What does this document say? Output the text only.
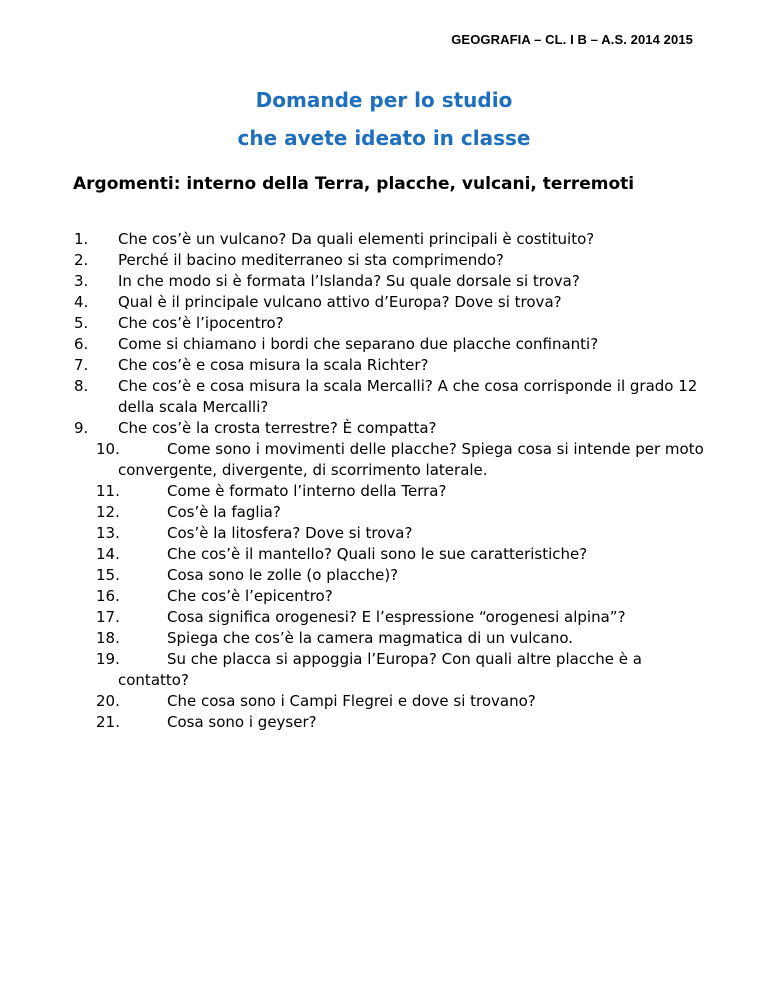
GEOGRAFIA – CL. I B – A.S. 2014 2015
Domande per lo studio
che avete ideato in classe
Argomenti: interno della Terra, placche, vulcani, terremoti
1. Che cos’è un vulcano? Da quali elementi principali è costituito?
2. Perché il bacino mediterraneo si sta comprimendo?
3. In che modo si è formata l’Islanda? Su quale dorsale si trova?
4. Qual è il principale vulcano attivo d’Europa? Dove si trova?
5. Che cos’è l’ipocentro?
6. Come si chiamano i bordi che separano due placche confinanti?
7. Che cos’è e cosa misura la scala Richter?
8. Che cos’è e cosa misura la scala Mercalli? A che cosa corrisponde il grado 12 della scala Mercalli?
9. Che cos’è la crosta terrestre? È compatta?
10.	Come sono i movimenti delle placche? Spiega cosa si intende per moto convergente, divergente, di scorrimento laterale.
11.	Come è formato l’interno della Terra?
12.	Cos’è la faglia?
13.	Cos’è la litosfera? Dove si trova?
14.	Che cos’è il mantello? Quali sono le sue caratteristiche?
15.	Cosa sono le zolle (o placche)?
16.	Che cos’è l’epicentro?
17.	Cosa significa orogenesi? E l’espressione “orogenesi alpina”?
18.	Spiega che cos’è la camera magmatica di un vulcano.
19.	Su che placca si appoggia l’Europa? Con quali altre placche è a contatto?
20.	Che cosa sono i Campi Flegrei e dove si trovano?
21.	Cosa sono i geyser?
